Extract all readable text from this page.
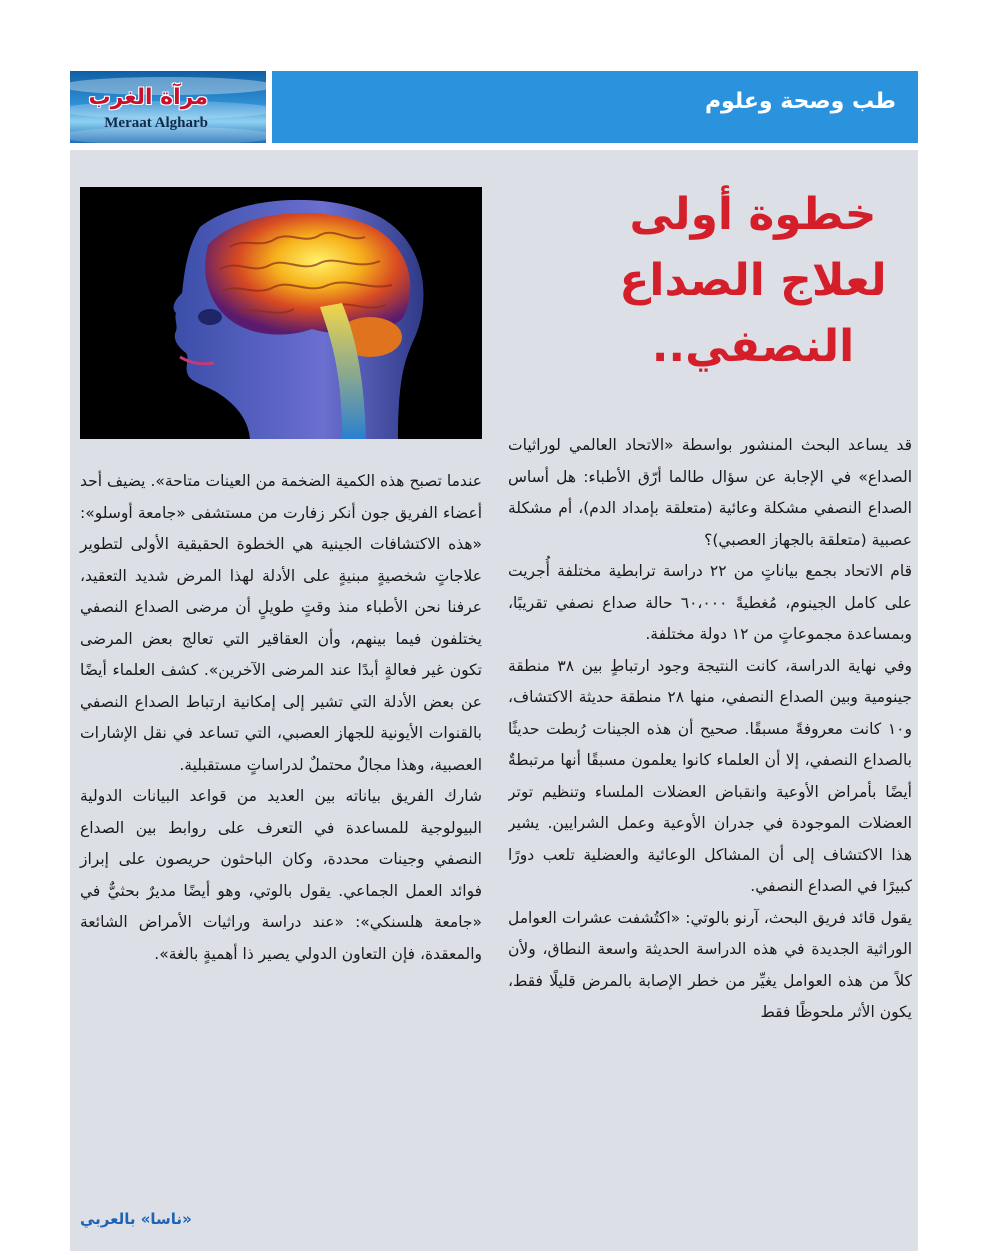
مرآة الغرب
Meraat Algharb
طب وصحة وعلوم
خطوة أولى
لعلاج الصداع
النصفي..

قد يساعد البحث المنشور بواسطة «الاتحاد العالمي لوراثيات الصداع» في الإجابة عن سؤال طالما أرّق الأطباء: هل أساس الصداع النصفي مشكلة وعائية (متعلقة بإمداد الدم)، أم مشكلة عصبية (متعلقة بالجهاز العصبي)؟

قام الاتحاد بجمع بياناتٍ من ٢٢ دراسة ترابطية مختلفة أُجريت على كامل الجينوم، مُغطيةً ٦٠،٠٠٠ حالة صداع نصفي تقريبًا، وبمساعدة مجموعاتٍ من ١٢ دولة مختلفة.

وفي نهاية الدراسة، كانت النتيجة وجود ارتباطٍ بين ٣٨ منطقة جينومية وبين الصداع النصفي، منها ٢٨ منطقة حديثة الاكتشاف، و١٠ كانت معروفةً مسبقًا. صحيح أن هذه الجينات رُبطت حديثًا بالصداع النصفي، إلا أن العلماء كانوا يعلمون مسبقًا أنها مرتبطةٌ أيضًا بأمراض الأوعية وانقباض العضلات الملساء وتنظيم توتر العضلات الموجودة في جدران الأوعية وعمل الشرايين. يشير هذا الاكتشاف إلى أن المشاكل الوعائية والعضلية تلعب دورًا كبيرًا في الصداع النصفي.

يقول قائد فريق البحث، آرنو بالوتي: «اكتُشفت عشرات العوامل الوراثية الجديدة في هذه الدراسة الحديثة واسعة النطاق، ولأن كلاً من هذه العوامل يغيِّر من خطر الإصابة بالمرض قليلًا فقط، يكون الأثر ملحوظًا فقط

عندما تصبح هذه الكمية الضخمة من العينات متاحة». يضيف أحد أعضاء الفريق جون أنكر زفارت من مستشفى «جامعة أوسلو»: «هذه الاكتشافات الجينية هي الخطوة الحقيقية الأولى لتطوير علاجاتٍ شخصيةٍ مبنيةٍ على الأدلة لهذا المرض شديد التعقيد، عرفنا نحن الأطباء منذ وقتٍ طويلٍ أن مرضى الصداع النصفي يختلفون فيما بينهم، وأن العقاقير التي تعالج بعض المرضى تكون غير فعالةٍ أبدًا عند المرضى الآخرين». كشف العلماء أيضًا عن بعض الأدلة التي تشير إلى إمكانية ارتباط الصداع النصفي بالقنوات الأيونية للجهاز العصبي، التي تساعد في نقل الإشارات العصبية، وهذا مجالٌ محتملٌ لدراساتٍ مستقبلية.

شارك الفريق بياناته بين العديد من قواعد البيانات الدولية البيولوجية للمساعدة في التعرف على روابط بين الصداع النصفي وجينات محددة، وكان الباحثون حريصون على إبراز فوائد العمل الجماعي. يقول بالوتي، وهو أيضًا مديرٌ بحثيٌّ في «جامعة هلسنكي»: «عند دراسة وراثيات الأمراض الشائعة والمعقدة، فإن التعاون الدولي يصير ذا أهميةٍ بالغة».

«ناسا» بالعربي
